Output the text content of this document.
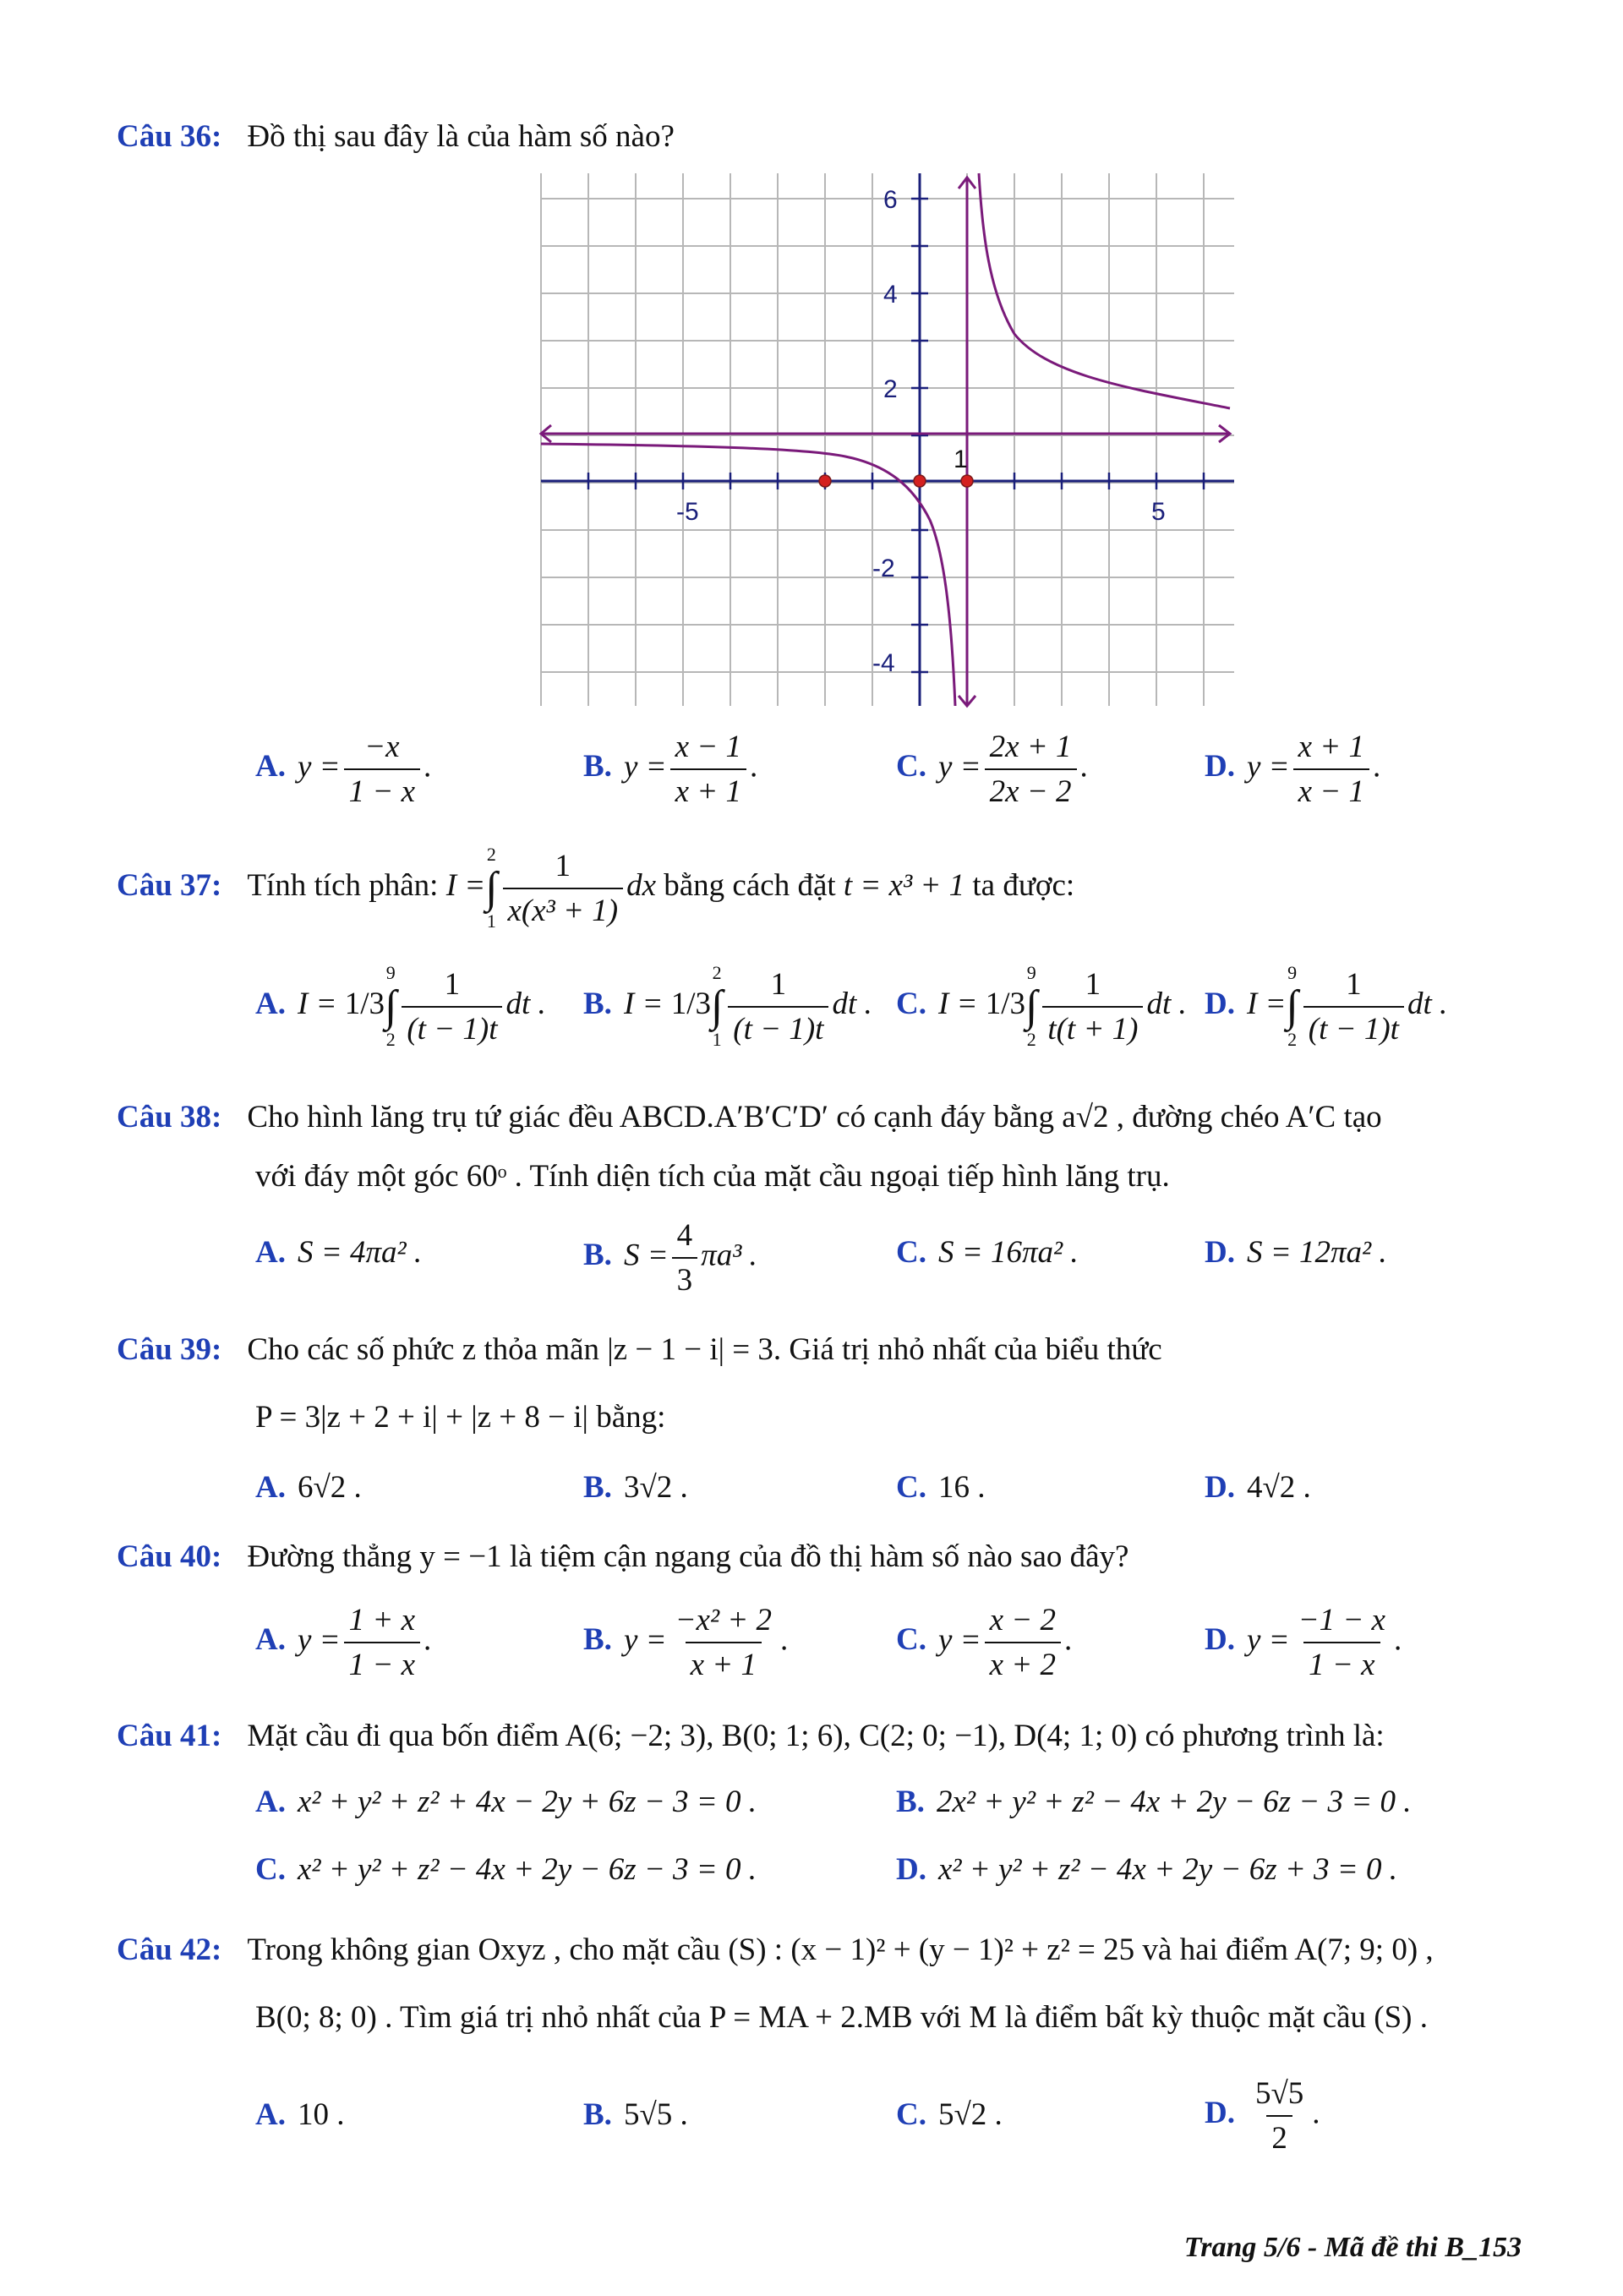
Câu 36: Đồ thị sau đây là của hàm số nào?
6
4
2
-2
-4
-5	5
1
A. $y = \frac{-x}{1 - x}$ .	B. $y = \frac{x - 1}{x + 1}$ .	C. $y = \frac{2x + 1}{2x - 2}$ .	D. $y = \frac{x + 1}{x - 1}$ .
Câu 37: Tính tích phân: I =
2
∫
$1 \frac{1}{\text{x(x³ + 1)}}$ dx bằng cách đặt t = x³ + 1 ta được:
A. I = 1/3
9
∫
$2 \frac{1}{(t - 1)t}$ dt . B. I = 1/3
2
∫
$1 \frac{1}{(t - 1)t}$ dt . C. I = 1/3
9
∫
$2 \frac{1}{t(t + 1)}$ dt . D. I =
9
∫
$2 \frac{1}{(t - 1)t}$ dt .
Câu 38: Cho hình lăng trụ tứ giác đều ABCD.A′B′C′D′ có cạnh đáy bằng a√2 , đường chéo A′C tạo
với đáy một góc 60ᵒ . Tính diện tích của mặt cầu ngoại tiếp hình lăng trụ.
A. S = 4πa² .	B. $S = \frac{4}{3} \pi a^3$ .	C. S = 16πa² .	D. S = 12πa² .
Câu 39: Cho các số phức z thỏa mãn |z − 1 − i| = 3. Giá trị nhỏ nhất của biểu thức
P = 3|z + 2 + i| + |z + 8 − i| bằng:
A. 6√2 .	B. 3√2 .	C. 16 .	D. 4√2 .
Câu 40: Đường thẳng y = −1 là tiệm cận ngang của đồ thị hàm số nào sao đây?
A. $y = \frac{1 + x}{1 - x}$ .	B. $y = \frac{\text{−x² + 2}}{x + 1}$ .	C. $y = \frac{x - 2}{x + 2}$ .	D. $y = \frac{-1 - x}{1 - x}$ .
Câu 41: Mặt cầu đi qua bốn điểm A(6; −2; 3), B(0; 1; 6), C(2; 0; −1), D(4; 1; 0) có phương trình là:
A. x² + y² + z² + 4x − 2y + 6z − 3 = 0 .	B. 2x² + y² + z² − 4x + 2y − 6z − 3 = 0 .
C. x² + y² + z² − 4x + 2y − 6z − 3 = 0 .	D. x² + y² + z² − 4x + 2y − 6z + 3 = 0 .
Câu 42: Trong không gian Oxyz , cho mặt cầu (S) : (x − 1)² + (y − 1)² + z² = 25 và hai điểm A(7; 9; 0) ,
B(0; 8; 0) . Tìm giá trị nhỏ nhất của P = MA + 2.MB với M là điểm bất kỳ thuộc mặt cầu (S) .
A. 10 .	B. 5√5 .	C. 5√2 .	D. $\frac{5√5}{2}$ .
Trang 5/6 - Mã đề thi B_153
